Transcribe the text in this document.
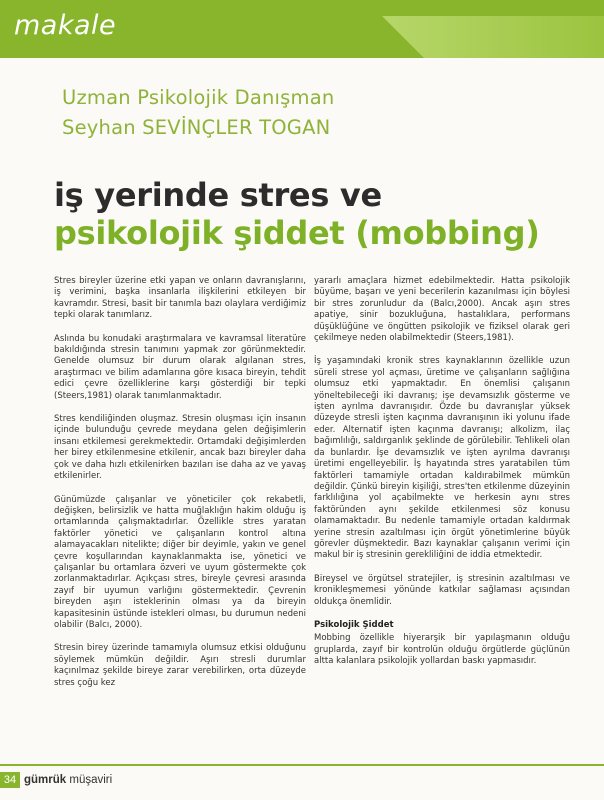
makale
Uzman Psikolojik Danışman
Seyhan SEVİNÇLER TOGAN
iş yerinde stres ve
psikolojik şiddet (mobbing)

Stres bireyler üzerine etki yapan ve onların davranışlarını, iş verimini, başka insanlarla ilişkilerini etkileyen bir kavramdır. Stresi, basit bir tanımla bazı olaylara verdiğimiz tepki olarak tanımlarız.

Aslında bu konudaki araştırmalara ve kavramsal literatüre bakıldığında stresin tanımını yapmak zor görünmektedir. Genelde olumsuz bir durum olarak algılanan stres, araştırmacı ve bilim adamlarına göre kısaca bireyin, tehdit edici çevre özelliklerine karşı gösterdiği bir tepki (Steers,1981) olarak tanımlanmaktadır.

Stres kendiliğinden oluşmaz. Stresin oluşması için insanın içinde bulunduğu çevrede meydana gelen değişimlerin insanı etkilemesi gerekmektedir. Ortamdaki değişimlerden her birey etkilenmesine etkilenir, ancak bazı bireyler daha çok ve daha hızlı etkilenirken bazıları ise daha az ve yavaş etkilenirler.

Günümüzde çalışanlar ve yöneticiler çok rekabetli, değişken, belirsizlik ve hatta muğlaklığın hakim olduğu iş ortamlarında çalışmaktadırlar. Özellikle stres yaratan faktörler yönetici ve çalışanların kontrol altına alamayacakları nitelikte; diğer bir deyimle, yakın ve genel çevre koşullarından kaynaklanmakta ise, yönetici ve çalışanlar bu ortamlara özveri ve uyum göstermekte çok zorlanmaktadırlar. Açıkçası stres, bireyle çevresi arasında zayıf bir uyumun varlığını göstermektedir. Çevrenin bireyden aşırı isteklerinin olması ya da bireyin kapasitesinin üstünde istekleri olması, bu durumun nedeni olabilir (Balcı, 2000).

Stresin birey üzerinde tamamıyla olumsuz etkisi olduğunu söylemek mümkün değildir. Aşırı stresli durumlar kaçınılmaz şekilde bireye zarar verebilirken, orta düzeyde stres çoğu kez

yararlı amaçlara hizmet edebilmektedir. Hatta psikolojik büyüme, başarı ve yeni becerilerin kazanılması için böylesi bir stres zorunludur da (Balcı,2000). Ancak aşırı stres apatiye, sinir bozukluğuna, hastalıklara, performans düşüklüğüne ve öngütten psikolojik ve fiziksel olarak geri çekilmeye neden olabilmektedir (Steers,1981).

İş yaşamındaki kronik stres kaynaklarının özellikle uzun süreli strese yol açması, üretime ve çalışanların sağlığına olumsuz etki yapmaktadır. En önemlisi çalışanın yöneltebileceği iki davranış; işe devamsızlık gösterme ve işten ayrılma davranışıdır. Özde bu davranışlar yüksek düzeyde stresli işten kaçınma davranışının iki yolunu ifade eder. Alternatif işten kaçınma davranışı; alkolizm, ilaç bağımlılığı, saldırganlık şeklinde de görülebilir. Tehlikeli olan da bunlardır. İşe devamsızlık ve işten ayrılma davranışı üretimi engelleyebilir. İş hayatında stres yaratabilen tüm faktörleri tamamiyle ortadan kaldırabilmek mümkün değildir. Çünkü bireyin kişiliği, stres'ten etkilenme düzeyinin farklılığına yol açabilmekte ve herkesin aynı stres faktöründen aynı şekilde etkilenmesi söz konusu olamamaktadır. Bu nedenle tamamiyle ortadan kaldırmak yerine stresin azaltılması için örgüt yönetimlerine büyük görevler düşmektedir. Bazı kaynaklar çalışanın verimi için makul bir iş stresinin gerekliliğini de iddia etmektedir.

Bireysel ve örgütsel stratejiler, iş stresinin azaltılması ve kronikleşmemesi yönünde katkılar sağlaması açısından oldukça önemlidir.

Psikolojik Şiddet

Mobbing özellikle hiyerarşik bir yapılaşmanın olduğu gruplarda, zayıf bir kontrolün olduğu örgütlerde güçlünün altta kalanlara psikolojik yollardan baskı yapmasıdır.

34 gümrük müşaviri
